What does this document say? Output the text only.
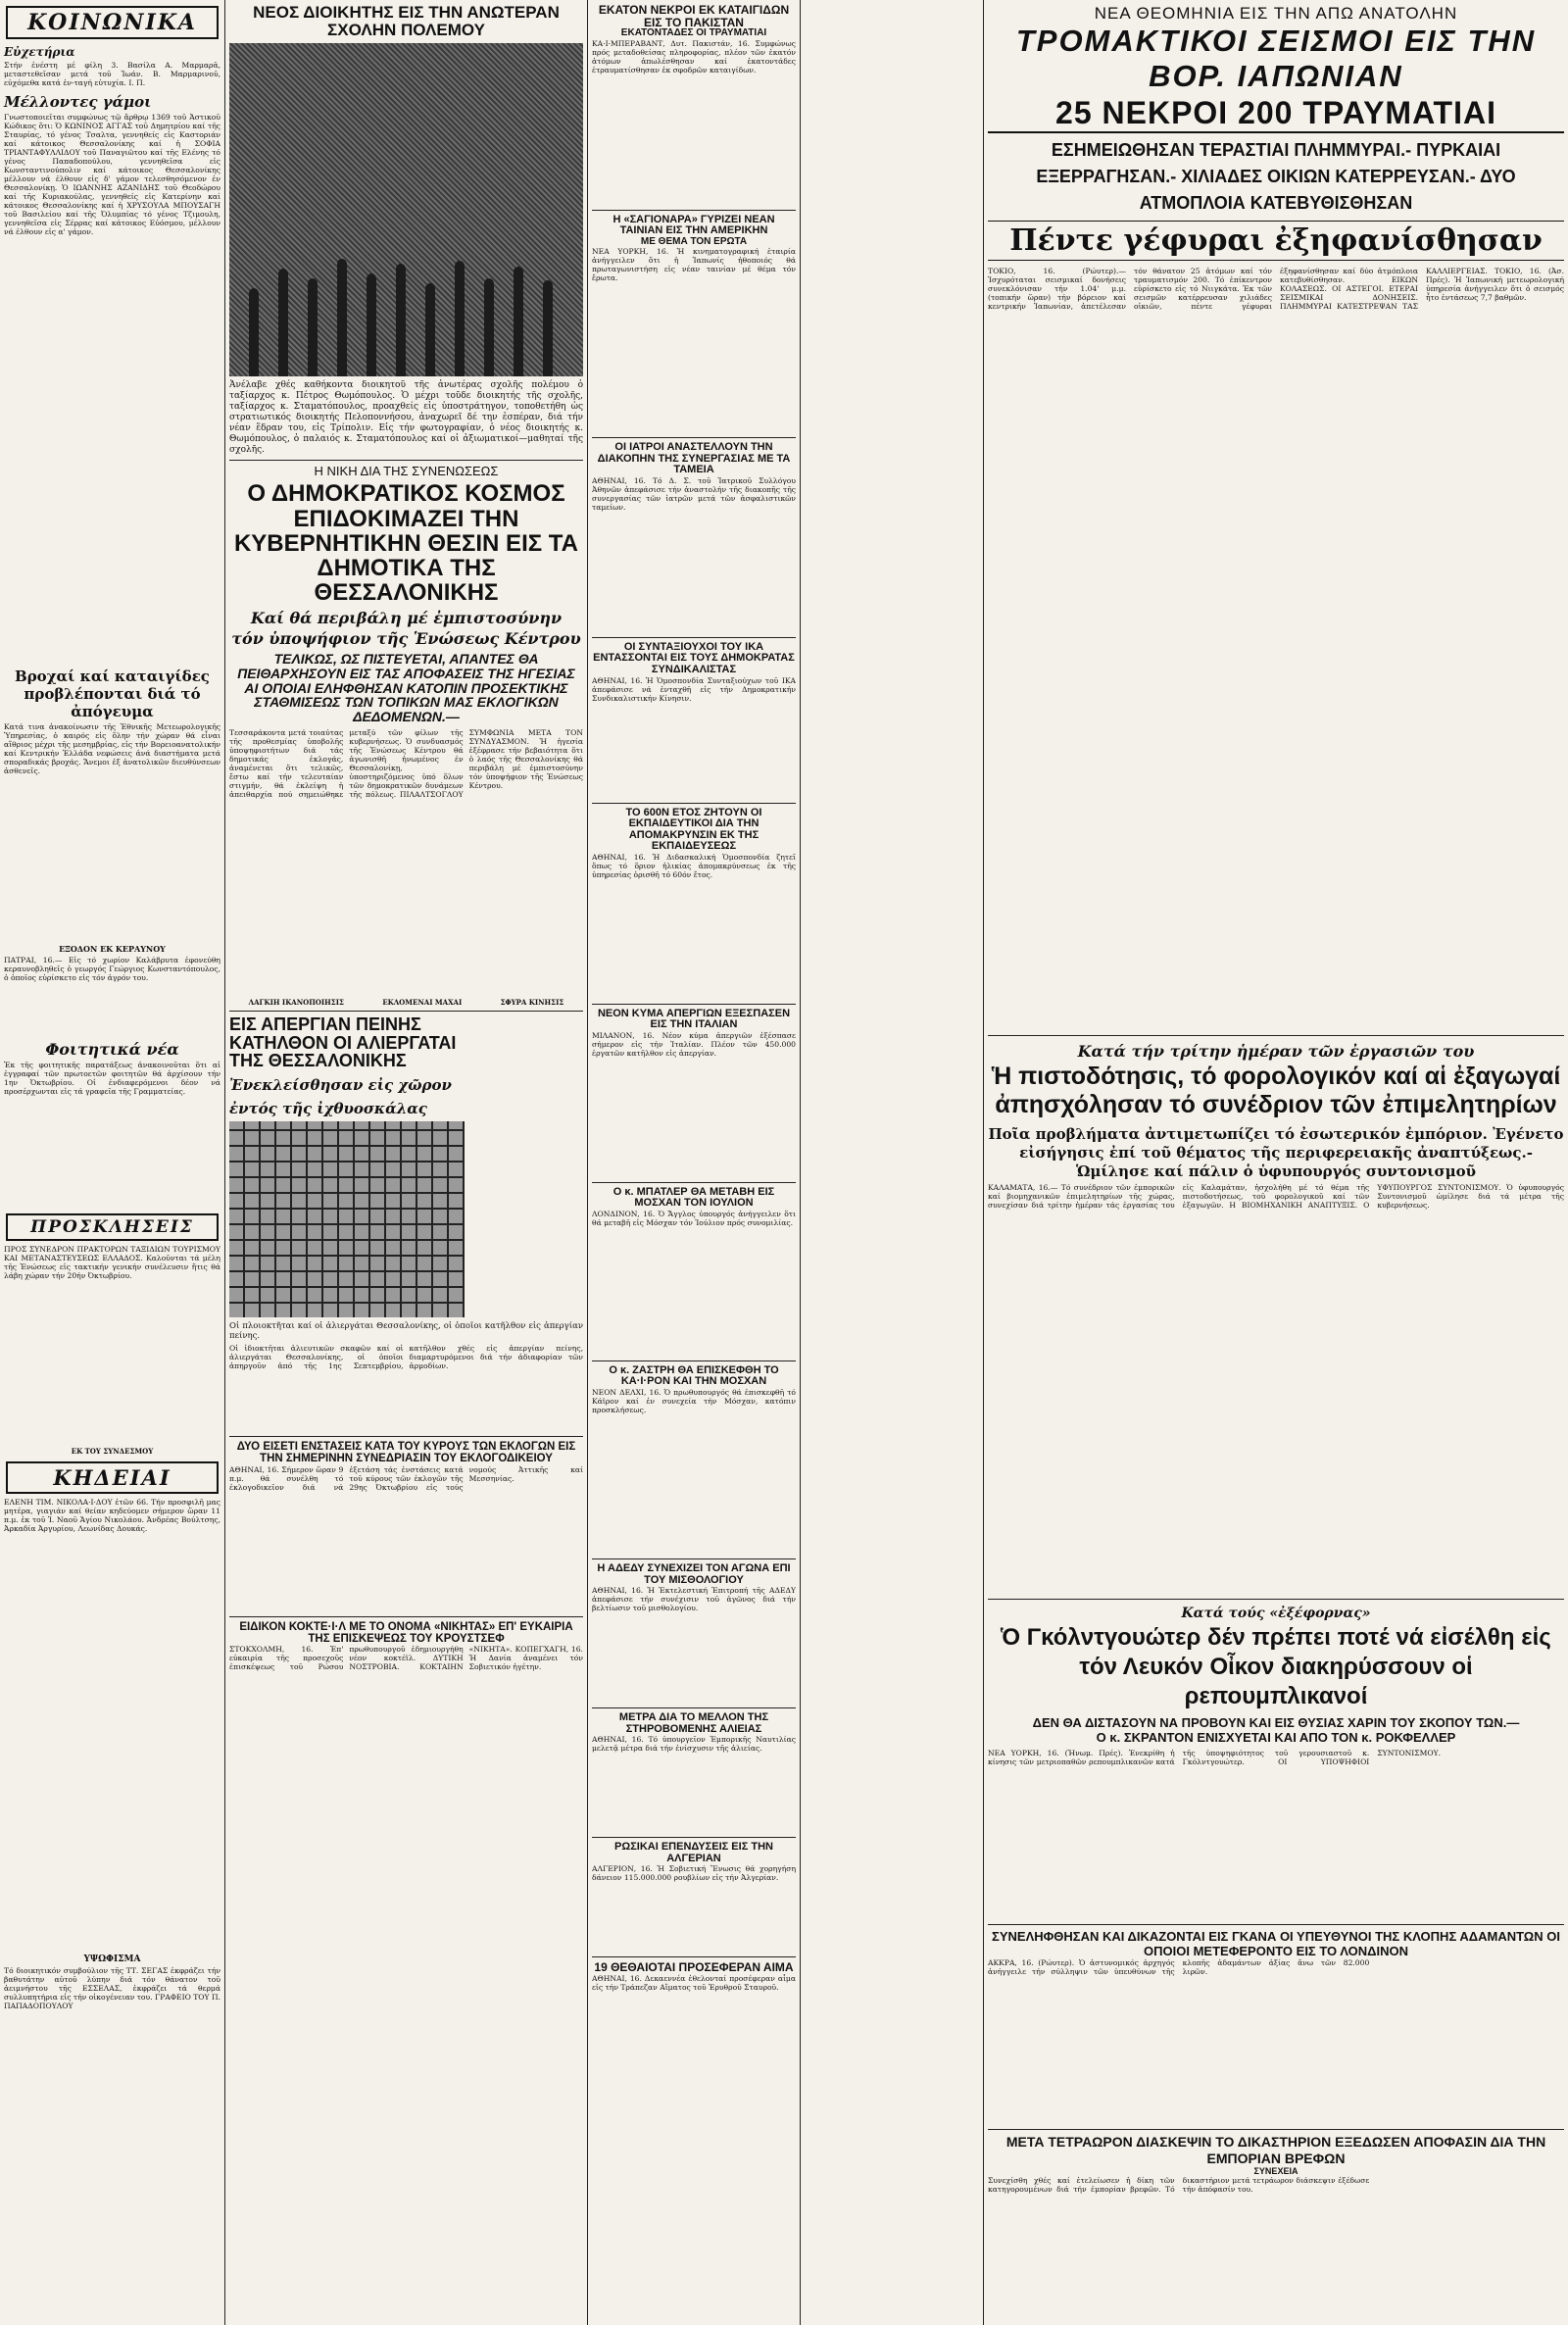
ΚΟΙΝΩΝΙΚΑ
Εὐχετήρια

Στήν ἐνέστη μέ φίλη 3. Βασίλα Α. Μαρμαρᾶ, μεταστεθεῖσαν μετά τοῦ Ἰωάν. Β. Μαρμαρινοῦ, εὐχόμεθα κατά ἐν-ταγή εὐτυχία. Ι. Π.

Μέλλοντες γάμοι

Γνωστοποιεῖται συμφώνως τῷ ἄρθρῳ 1369 τοῦ Ἀστικοῦ Κώδικος ὅτι: Ὁ ΚΩΝΙΝΟΣ ΑΓΓΑΣ τοῦ Δημητρίου καί τῆς Σταυρίας, τό γένος Τσαλτα, γεννηθείς εἰς Καστοριάν καί κάτοικος Θεσσαλονίκης καί ἡ ΣΟΦΙΑ ΤΡΙΑΝΤΑΦΥΛΛΙΔΟΥ τοῦ Παναγιῶτου καί τῆς Ελένης τό γένος Παπαδοπούλου, γεννηθεῖσα εἰς Κωνσταντινούπολιν καί κάτοικος Θεσσαλονίκης μέλλουν νά ἐλθουν εἰς δ' γάμον τελεσθησόμενον ἐν Θεσσαλονίκῃ. Ὁ ΙΩΑΝΝΗΣ ΑΖΑΝΙΔΗΣ τοῦ Θεοδώρου καί τῆς Κυριακούλας, γεννηθείς εἰς Κατερίνην καί κάτοικος Θεσσαλονίκης καί ἡ ΧΡΥΣΟΥΛΑ ΜΠΟΥΣΑΓΗ τοῦ Βασιλείου καί τῆς Ὀλυμπίας τό γένος Τζιμουλη, γεννηθεῖσα εἰς Σέρρας καί κάτοικος Εὐόσμου, μέλλουν νά ἐλθουν εἰς α' γάμον.

Βροχαί καί καταιγίδες προβλέπονται διά τό ἀπόγευμα

Κατά τινα ἀνακοίνωσιν τῆς Ἐθνικῆς Μετεωρολογικῆς Ὑπηρεσίας, ὁ καιρός εἰς ὅλην τήν χώραν θά εἶναι αἴθριος μέχρι τῆς μεσημβρίας, εἰς τήν Βορειοανατολικήν καί Κεντρικήν Ἑλλάδα νεφώσεις ἀνά διαστήματα μετά σποραδικάς βροχάς. Ἄνεμοι ἐξ ἀνατολικῶν διευθύνσεων ἀσθενεῖς.

ΕΞΟΔΟΝ ΕΚ ΚΕΡΑΥΝΟΥ

ΠΑΤΡΑΙ, 16.— Εἰς τό χωρίον Καλάβρυτα ἐφονεύθη κεραυνοβληθεῖς ὁ γεωργός Γεώργιος Κωνσταντόπουλος, ὁ ὁποῖος εὑρίσκετο εἰς τόν ἀγρόν του.

Φοιτητικά νέα

Ἐκ τῆς φοιτητικῆς παρατάξεως ἀνακοινοῦται ὅτι αἱ ἐγγραφαί τῶν πρωτοετῶν φοιτητῶν θά ἀρχίσουν τήν 1ην Ὀκτωβρίου. Οἱ ἐνδιαφερόμενοι δέον νά προσέρχωνται εἰς τά γραφεῖα τῆς Γραμματείας.

ΠΡΟΣΚΛΗΣΕΙΣ

ΠΡΟΣ ΣΥΝΕΔΡΟΝ ΠΡΑΚΤΟΡΩΝ ΤΑΞΙΔΙΩΝ ΤΟΥΡΙΣΜΟΥ ΚΑΙ ΜΕΤΑΝΑΣΤΕΥΣΕΩΣ ΕΛΛΑΔΟΣ. Καλοῦνται τά μέλη τῆς Ἑνώσεως εἰς τακτικήν γενικήν συνέλευσιν ἥτις θά λάβη χώραν τήν 20ήν Ὀκτωβρίου.

ΕΚ ΤΟΥ ΣΥΝΔΕΣΜΟΥ
ΚΗΔΕΙΑΙ

ΕΛΕΝΗ ΤΙΜ. ΝΙΚΟΛΑ·Ι·ΔΟΥ ἐτῶν 66. Τήν προσφιλῆ μας μητέρα, γιαγιάν καί θείαν κηδεύομεν σήμερον ὥραν 11 π.μ. ἐκ τοῦ Ἱ. Ναοῦ Ἁγίου Νικολάου. Ἀνδρέας Βούλτσης, Ἀρκαδία Ἀργυρίου, Λεωνίδας Δουκάς.

ΥΨΩΦΙΣΜΑ

Τό διοικητικόν συμβούλιον τῆς ΤΤ. ΣΕΓΑΣ ἐκφράζει τήν βαθυτάτην αὐτοῦ λύπην διά τόν θάνατον τοῦ ἀειμνήστου τῆς ΕΣΣΕΛΑΣ, ἐκφράζει τά θερμά συλλυπητήρια εἰς τήν οἰκογένειαν του. ΓΡΑΦΕΙΟ ΤΟΥ Π. ΠΑΠΑΔΟΠΟΥΛΟΥ

ΝΕΟΣ ΔΙΟΙΚΗΤΗΣ ΕΙΣ ΤΗΝ ΑΝΩΤΕΡΑΝ ΣΧΟΛΗΝ ΠΟΛΕΜΟΥ

Ἀνέλαβε χθές καθήκοντα διοικητοῦ τῆς ἀνωτέρας σχολῆς πολέμου ὁ ταξίαρχος κ. Πέτρος Θωμόπουλος. Ὁ μέχρι τοῦδε διοικητής τῆς σχολῆς, ταξίαρχος κ. Σταματόπουλος, προαχθείς εἰς ὑποστράτηγον, τοποθετήθη ὡς στρατιωτικός διοικητής Πελοποννήσου, ἀναχωρεῖ δέ την ἑσπέραν, διά τήν νέαν ἕδραν του, εἰς Τρίπολιν. Εἰς τήν φωτογραφίαν, ὁ νέος διοικητής κ. Θωμόπουλος, ὁ παλαιός κ. Σταματόπουλος καί οἱ ἀξιωματικοί—μαθηταί τῆς σχολῆς.

Η ΝΙΚΗ ΔΙΑ ΤΗΣ ΣΥΝΕΝΩΣΕΩΣ
Ο ΔΗΜΟΚΡΑΤΙΚΟΣ ΚΟΣΜΟΣ ΕΠΙΔΟΚΙΜΑΖΕΙ ΤΗΝ ΚΥΒΕΡΝΗΤΙΚΗΝ ΘΕΣΙΝ ΕΙΣ ΤΑ ΔΗΜΟΤΙΚΑ ΤΗΣ ΘΕΣΣΑΛΟΝΙΚΗΣ
Καί θά περιβάλη μέ ἐμπιστοσύνην
τόν ὑποψήφιον τῆς Ἑνώσεως Κέντρου
ΤΕΛΙΚΩΣ, ΩΣ ΠΙΣΤΕΥΕΤΑΙ, ΑΠΑΝΤΕΣ ΘΑ ΠΕΙΘΑΡΧΗΣΟΥΝ ΕΙΣ ΤΑΣ ΑΠΟΦΑΣΕΙΣ ΤΗΣ ΗΓΕΣΙΑΣ ΑΙ ΟΠΟΙΑΙ ΕΛΗΦΘΗΣΑΝ ΚΑΤΟΠΙΝ ΠΡΟΣΕΚΤΙΚΗΣ ΣΤΑΘΜΙΣΕΩΣ ΤΩΝ ΤΟΠΙΚΩΝ ΜΑΣ ΕΚΛΟΓΙΚΩΝ ΔΕΔΟΜΕΝΩΝ.—

Τεσσαράκοντα μετά τοιαύτας τῆς προθεσμίας ὑποβολῆς ὑποψηφιοτήτων διά τάς δημοτικάς ἐκλογάς, ἀναμένεται ὅτι τελικῶς, ἔστω καί τήν τελευταίαν στιγμήν, θά ἐκλείψη ἡ ἀπειθαρχία πού σημειώθηκε μεταξύ τῶν φίλων τῆς κυβερνήσεως. Ὁ συνδυασμός τῆς Ἑνώσεως Κέντρου θά ἀγωνισθῆ ἡνωμένος ἐν Θεσσαλονίκῃ, ὑποστηριζόμενος ὑπό ὅλων τῶν δημοκρατικῶν δυνάμεων τῆς πόλεως. ΠΙΛΑΛΤΣΟΓΛΟΥ ΣΥΜΦΩΝΙΑ ΜΕΤΑ ΤΟΝ ΣΥΝΔΥΑΣΜΟΝ. Ἡ ἡγεσία ἐξέφρασε τήν βεβαιότητα ὅτι ὁ λαός τῆς Θεσσαλονίκης θά περιβάλη μέ ἐμπιστοσύνην τόν ὑποψήφιον τῆς Ἑνώσεως Κέντρου.

ΛΑΓΚΙΗ ΙΚΑΝΟΠΟΙΗΣΙΣ	ΕΚΛΟΜΕΝΑΙ ΜΑΧΑΙ	ΣΦΥΡΑ ΚΙΝΗΣΙΣ
ΕΙΣ ΑΠΕΡΓΙΑΝ ΠΕΙΝΗΣ ΚΑΤΗΛΘΟΝ ΟΙ ΑΛΙΕΡΓΑΤΑΙ ΤΗΣ ΘΕΣΣΑΛΟΝΙΚΗΣ
Ἐνεκλείσθησαν εἰς χῶρον
ἐντός τῆς ἰχθυοσκάλας

Οἱ πλοιοκτῆται καί οἱ ἁλιεργάται Θεσσαλονίκης, οἱ ὁποῖοι κατῆλθον εἰς ἀπεργίαν πείνης.

Οἱ ἰδιοκτῆται ἁλιευτικῶν σκαφῶν καί οἱ ἁλιεργάται Θεσσαλονίκης, οἱ ὁποῖοι ἀπηργοῦν ἀπό τῆς 1ης Σεπτεμβρίου, κατῆλθον χθές εἰς ἀπεργίαν πείνης, διαμαρτυρόμενοι διά τήν ἀδιαφορίαν τῶν ἁρμοδίων.

ΔΥΟ ΕΙΣΕΤΙ ΕΝΣΤΑΣΕΙΣ ΚΑΤΑ ΤΟΥ ΚΥΡΟΥΣ ΤΩΝ ΕΚΛΟΓΩΝ ΕΙΣ ΤΗΝ ΣΗΜΕΡΙΝΗΝ ΣΥΝΕΔΡΙΑΣΙΝ ΤΟΥ ΕΚΛΟΓΟΔΙΚΕΙΟΥ

ΑΘΗΝΑΙ, 16. Σήμερον ὥραν 9 π.μ. θά συνέλθη τό ἐκλογοδικεῖον διά νά ἐξετάση τάς ἐνστάσεις κατά τοῦ κύρους τῶν ἐκλογῶν τῆς 29ης Ὀκτωβρίου εἰς τούς νομούς Ἀττικῆς καί Μεσσηνίας.

ΕΙΔΙΚΟΝ ΚΟΚΤΕ·Ι·Λ ΜΕ ΤΟ ΟΝΟΜΑ «ΝΙΚΗΤΑΣ» ΕΠ' ΕΥΚΑΙΡΙΑ ΤΗΣ ΕΠΙΣΚΕΨΕΩΣ ΤΟΥ ΚΡΟΥΣΤΣΕΦ

ΣΤΟΚΧΟΛΜΗ, 16. Ἐπ' εὐκαιρία τῆς προσεχοῦς ἐπισκέψεως τοῦ Ρώσου πρωθυπουργοῦ ἐδημιουργήθη νέον κοκτέϊλ. ΔΥΤΙΚΗ ΝΟΣΤΡΟΒΙΑ. ΚΟΚΤΑΙΗΝ «ΝΙΚΗΤΑ». ΚΟΠΕΓΧΑΓΗ, 16. Ἡ Δανία ἀναμένει τόν Σοβιετικόν ἡγέτην.

ΕΚΑΤΟΝ ΝΕΚΡΟΙ ΕΚ ΚΑΤΑΙΓΙΔΩΝ ΕΙΣ ΤΟ ΠΑΚΙΣΤΑΝ
ΕΚΑΤΟΝΤΑΔΕΣ ΟΙ ΤΡΑΥΜΑΤΙΑΙ

ΚΑ·Ι·ΜΠΕΡΑΒΑΝΤ, Δυτ. Πακιστάν, 16. Συμφώνως πρός μεταδοθείσας πληροφορίας, πλέον τῶν ἑκατόν ἀτόμων ἀπωλέσθησαν καί ἑκατοντάδες ἐτραυματίσθησαν ἐκ σφοδρῶν καταιγίδων.

Η «ΣΑΓΙΟΝΑΡΑ» ΓΥΡΙΖΕΙ ΝΕΑΝ ΤΑΙΝΙΑΝ ΕΙΣ ΤΗΝ ΑΜΕΡΙΚΗΝ
ΜΕ ΘΕΜΑ ΤΟΝ ΕΡΩΤΑ

ΝΕΑ ΥΟΡΚΗ, 16. Ἡ κινηματογραφική ἑταιρία ἀνήγγειλεν ὅτι ἡ Ἰαπωνίς ἠθοποιός θά πρωταγωνιστήση εἰς νέαν ταινίαν μέ θέμα τόν ἔρωτα.

ΟΙ ΙΑΤΡΟΙ ΑΝΑΣΤΕΛΛΟΥΝ ΤΗΝ ΔΙΑΚΟΠΗΝ ΤΗΣ ΣΥΝΕΡΓΑΣΙΑΣ ΜΕ ΤΑ ΤΑΜΕΙΑ

ΑΘΗΝΑΙ, 16. Τό Δ. Σ. τοῦ Ἰατρικοῦ Συλλόγου Ἀθηνῶν ἀπεφάσισε τήν ἀναστολήν τῆς διακοπῆς τῆς συνεργασίας τῶν ἰατρῶν μετά τῶν ἀσφαλιστικῶν ταμείων.

ΟΙ ΣΥΝΤΑΞΙΟΥΧΟΙ ΤΟΥ ΙΚΑ ΕΝΤΑΣΣΟΝΤΑΙ ΕΙΣ ΤΟΥΣ ΔΗΜΟΚΡΑΤΑΣ ΣΥΝΔΙΚΑΛΙΣΤΑΣ

ΑΘΗΝΑΙ, 16. Ἡ Ὁμοσπονδία Συνταξιούχων τοῦ ΙΚΑ ἀπεφάσισε νά ἐνταχθῆ εἰς τήν Δημοκρατικήν Συνδικαλιστικήν Κίνησιν.

ΤΟ 600Ν ΕΤΟΣ ΖΗΤΟΥΝ ΟΙ ΕΚΠΑΙΔΕΥΤΙΚΟΙ ΔΙΑ ΤΗΝ ΑΠΟΜΑΚΡΥΝΣΙΝ ΕΚ ΤΗΣ ΕΚΠΑΙΔΕΥΣΕΩΣ

ΑΘΗΝΑΙ, 16. Ἡ Διδασκαλική Ὁμοσπονδία ζητεῖ ὅπως τό ὅριον ἡλικίας ἀπομακρύνσεως ἐκ τῆς ὑπηρεσίας ὁρισθῆ τό 60όν ἔτος.

ΝΕΟΝ ΚΥΜΑ ΑΠΕΡΓΙΩΝ ΕΞΕΣΠΑΣΕΝ ΕΙΣ ΤΗΝ ΙΤΑΛΙΑΝ

ΜΙΛΑΝΟΝ, 16. Νέον κύμα ἀπεργιῶν ἐξέσπασε σήμερον εἰς τήν Ἰταλίαν. Πλέον τῶν 450.000 ἐργατῶν κατῆλθον εἰς ἀπεργίαν.

Ο κ. ΜΠΑΤΛΕΡ ΘΑ ΜΕΤΑΒΗ ΕΙΣ ΜΟΣΧΑΝ ΤΟΝ ΙΟΥΛΙΟΝ

ΛΟΝΔΙΝΟΝ, 16. Ὁ Ἄγγλος ὑπουργός ἀνήγγειλεν ὅτι θά μεταβῆ εἰς Μόσχαν τόν Ἰούλιον πρός συνομιλίας.

Ο κ. ΖΑΣΤΡΗ ΘΑ ΕΠΙΣΚΕΦΘΗ ΤΟ ΚΑ·Ι·ΡΟΝ ΚΑΙ ΤΗΝ ΜΟΣΧΑΝ

ΝΕΟΝ ΔΕΛΧΙ, 16. Ὁ πρωθυπουργός θά ἐπισκεφθῆ τό Κάϊρον καί ἐν συνεχεία τήν Μόσχαν, κατόπιν προσκλήσεως.

Η ΑΔΕΔΥ ΣΥΝΕΧΙΖΕΙ ΤΟΝ ΑΓΩΝΑ ΕΠΙ ΤΟΥ ΜΙΣΘΟΛΟΓΙΟΥ

ΑΘΗΝΑΙ, 16. Ἡ Ἐκτελεστική Ἐπιτροπή τῆς ΑΔΕΔΥ ἀπεφάσισε τήν συνέχισιν τοῦ ἀγῶνος διά τήν βελτίωσιν τοῦ μισθολογίου.

ΜΕΤΡΑ ΔΙΑ ΤΟ ΜΕΛΛΟΝ ΤΗΣ ΣΤΗΡΟΒΟΜΕΝΗΣ ΑΛΙΕΙΑΣ

ΑΘΗΝΑΙ, 16. Τό ὑπουργεῖον Ἐμπορικῆς Ναυτιλίας μελετᾷ μέτρα διά τήν ἐνίσχυσιν τῆς ἁλιείας.

ΡΩΣΙΚΑΙ ΕΠΕΝΔΥΣΕΙΣ ΕΙΣ ΤΗΝ ΑΛΓΕΡΙΑΝ

ΑΛΓΕΡΙΟΝ, 16. Ἡ Σοβιετική Ἕνωσις θά χορηγήση δάνειον 115.000.000 ρουβλίων εἰς τήν Ἀλγερίαν.

19 ΘΕΘΑΙΟΤΑΙ ΠΡΟΣΕΦΕΡΑΝ ΑΙΜΑ

ΑΘΗΝΑΙ, 16. Δεκαεννέα ἐθελονταί προσέφεραν αἷμα εἰς τήν Τράπεζαν Αἵματος τοῦ Ἐρυθροῦ Σταυροῦ.

ΝΕΑ ΘΕΟΜΗΝΙΑ ΕΙΣ ΤΗΝ ΑΠΩ ΑΝΑΤΟΛΗΝ
ΤΡΟΜΑΚΤΙΚΟΙ ΣΕΙΣΜΟΙ ΕΙΣ ΤΗΝ ΒΟΡ. ΙΑΠΩΝΙΑΝ
25 ΝΕΚΡΟΙ 200 ΤΡΑΥΜΑΤΙΑΙ
ΕΣΗΜΕΙΩΘΗΣΑΝ ΤΕΡΑΣΤΙΑΙ ΠΛΗΜΜΥΡΑΙ.- ΠΥΡΚΑΙΑΙ ΕΞΕΡΡΑΓΗΣΑΝ.- ΧΙΛΙΑΔΕΣ ΟΙΚΙΩΝ ΚΑΤΕΡΡΕΥΣΑΝ.- ΔΥΟ ΑΤΜΟΠΛΟΙΑ ΚΑΤΕΒΥΘΙΣΘΗΣΑΝ
Πέντε γέφυραι ἐξηφανίσθησαν

ΤΟΚΙΟ, 16. (Ρώυτερ).— Ἰσχυρόταται σεισμικαί δονήσεις συνεκλόνισαν τήν 1.04' μ.μ. (τοπικήν ὥραν) τήν βόρειον καί κεντρικήν Ἰαπωνίαν, ἀπετέλεσαν τόν θάνατον 25 ἀτόμων καί τόν τραυματισμόν 200. Τό ἐπίκεντρον εὑρίσκετο εἰς τό Νιιγκάτα. Ἐκ τῶν σεισμῶν κατέρρευσαν χιλιάδες οἰκιῶν, πέντε γέφυραι ἐξηφανίσθησαν καί δύο ἀτμόπλοια κατεβυθίσθησαν. ΕΙΚΩΝ ΚΟΛΑΣΕΩΣ. ΟΙ ΑΣΤΕΓΟΙ. ΕΤΕΡΑΙ ΣΕΙΣΜΙΚΑΙ ΔΟΝΗΣΕΙΣ. ΠΛΗΜΜΥΡΑΙ ΚΑΤΕΣΤΡΕΨΑΝ ΤΑΣ ΚΑΛΛΙΕΡΓΕΙΑΣ. ΤΟΚΙΟ, 16. (Ἀσ. Πρές). Ἡ Ἰαπωνική μετεωρολογική ὑπηρεσία ἀνήγγειλεν ὅτι ὁ σεισμός ἦτο ἐντάσεως 7,7 βαθμῶν.

Κατά τήν τρίτην ἡμέραν τῶν ἐργασιῶν του
Ἡ πιστοδότησις, τό φορολογικόν καί αἱ ἐξαγωγαί ἀπησχόλησαν τό συνέδριον τῶν ἐπιμελητηρίων
Ποῖα προβλήματα ἀντιμετωπίζει τό ἐσωτερικόν ἐμπόριον. Ἐγένετο εἰσήγησις ἐπί τοῦ θέματος τῆς περιφερειακῆς ἀναπτύξεως.- Ὡμίλησε καί πάλιν ὁ ὑφυπουργός συντονισμοῦ

ΚΑΛΑΜΑΤΑ, 16.— Τό συνέδριον τῶν ἐμπορικῶν καί βιομηχανικῶν ἐπιμελητηρίων τῆς χώρας, συνεχίσαν διά τρίτην ἡμέραν τάς ἐργασίας του εἰς Καλαμάταν, ἠσχολήθη μέ τό θέμα τῆς πιστοδοτήσεως, τοῦ φορολογικοῦ καί τῶν ἐξαγωγῶν. Η ΒΙΟΜΗΧΑΝΙΚΗ ΑΝΑΠΤΥΞΙΣ. Ο ΥΦΥΠΟΥΡΓΟΣ ΣΥΝΤΟΝΙΣΜΟΥ. Ὁ ὑφυπουργός Συντονισμοῦ ὡμίλησε διά τά μέτρα τῆς κυβερνήσεως.

Κατά τούς «ἐξέφορνας»
Ὁ Γκόλντγουώτερ δέν πρέπει ποτέ νά εἰσέλθη εἰς τόν Λευκόν Οἶκον διακηρύσσουν οἱ ρεπουμπλικανοί
ΔΕΝ ΘΑ ΔΙΣΤΑΣΟΥΝ ΝΑ ΠΡΟΒΟΥΝ ΚΑΙ ΕΙΣ ΘΥΣΙΑΣ ΧΑΡΙΝ ΤΟΥ ΣΚΟΠΟΥ ΤΩΝ.— Ο κ. ΣΚΡΑΝΤΟΝ ΕΝΙΣΧΥΕΤΑΙ ΚΑΙ ΑΠΟ ΤΟΝ κ. ΡΟΚΦΕΛΛΕΡ

ΝΕΑ ΥΟΡΚΗ, 16. (Ἡνωμ. Πρές). Ἐνεκρίθη ἡ κίνησις τῶν μετριοπαθῶν ρεπουμπλικανῶν κατά τῆς ὑποψηφιότητος τοῦ γερουσιαστοῦ κ. Γκόλντγουώτερ. ΟΙ ΥΠΟΨΗΦΙΟΙ ΣΥΝΤΟΝΙΣΜΟΥ.

ΣΥΝΕΛΗΦΘΗΣΑΝ ΚΑΙ ΔΙΚΑΖΟΝΤΑΙ ΕΙΣ ΓΚΑΝΑ ΟΙ ΥΠΕΥΘΥΝΟΙ ΤΗΣ ΚΛΟΠΗΣ ΑΔΑΜΑΝΤΩΝ ΟΙ ΟΠΟΙΟΙ ΜΕΤΕΦΕΡΟΝΤΟ ΕΙΣ ΤΟ ΛΟΝΔΙΝΟΝ

ΑΚΚΡΑ, 16. (Ρώυτερ). Ὁ ἀστυνομικός ἀρχηγός ἀνήγγειλε τήν σύλληψιν τῶν ὑπευθύνων τῆς κλοπῆς ἀδαμάντων ἀξίας ἄνω τῶν 82.000 λιρῶν.

ΜΕΤΑ ΤΕΤΡΑΩΡΟΝ ΔΙΑΣΚΕΨΙΝ ΤΟ ΔΙΚΑΣΤΗΡΙΟΝ ΕΞΕΔΩΣΕΝ ΑΠΟΦΑΣΙΝ ΔΙΑ ΤΗΝ ΕΜΠΟΡΙΑΝ ΒΡΕΦΩΝ
ΣΥΝΕΧΕΙΑ

Συνεχίσθη χθές καί ἐτελείωσεν ἡ δίκη τῶν κατηγορουμένων διά τήν ἐμπορίαν βρεφῶν. Τό δικαστήριον μετά τετράωρον διάσκεψιν ἐξέδωσε τήν ἀπόφασίν του.
